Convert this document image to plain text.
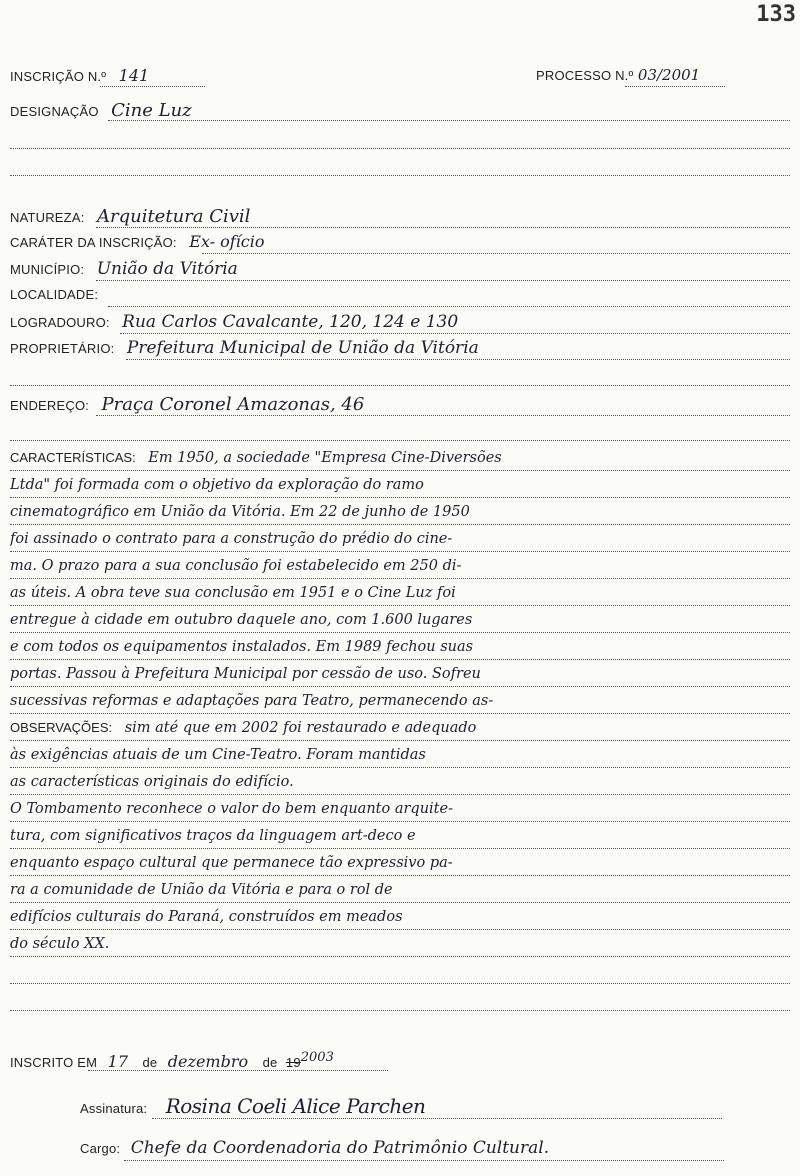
133
INSCRIÇÃO N.º 141	PROCESSO N.º 03/2001
DESIGNAÇÃO Cine Luz
NATUREZA: Arquitetura Civil
CARÁTER DA INSCRIÇÃO: Ex- ofício
MUNICÍPIO: União da Vitória
LOCALIDADE:
LOGRADOURO: Rua Carlos Cavalcante, 120, 124 e 130
PROPRIETÁRIO: Prefeitura Municipal de União da Vitória
ENDEREÇO: Praça Coronel Amazonas, 46
CARACTERÍSTICAS: Em 1950, a sociedade "Empresa Cine-Diversões
Ltda" foi formada com o objetivo da exploração do ramo
cinematográfico em União da Vitória. Em 22 de junho de 1950
foi assinado o contrato para a construção do prédio do cine-
ma. O prazo para a sua conclusão foi estabelecido em 250 di-
as úteis. A obra teve sua conclusão em 1951 e o Cine Luz foi
entregue à cidade em outubro daquele ano, com 1.600 lugares
e com todos os equipamentos instalados. Em 1989 fechou suas
portas. Passou à Prefeitura Municipal por cessão de uso. Sofreu
sucessivas reformas e adaptações para Teatro, permanecendo as-
OBSERVAÇÕES: sim até que em 2002 foi restaurado e adequado
às exigências atuais de um Cine-Teatro. Foram mantidas
as características originais do edifício.
O Tombamento reconhece o valor do bem enquanto arquite-
tura, com significativos traços da linguagem art-deco e
enquanto espaço cultural que permanece tão expressivo pa-
ra a comunidade de União da Vitória e para o rol de
edifícios culturais do Paraná, construídos em meados
do século XX.
INSCRITO EM 17 de dezembro de $19^{2003}$
Assinatura: Rosina Coeli Alice Parchen
Cargo: Chefe da Coordenadoria do Patrimônio Cultural.
